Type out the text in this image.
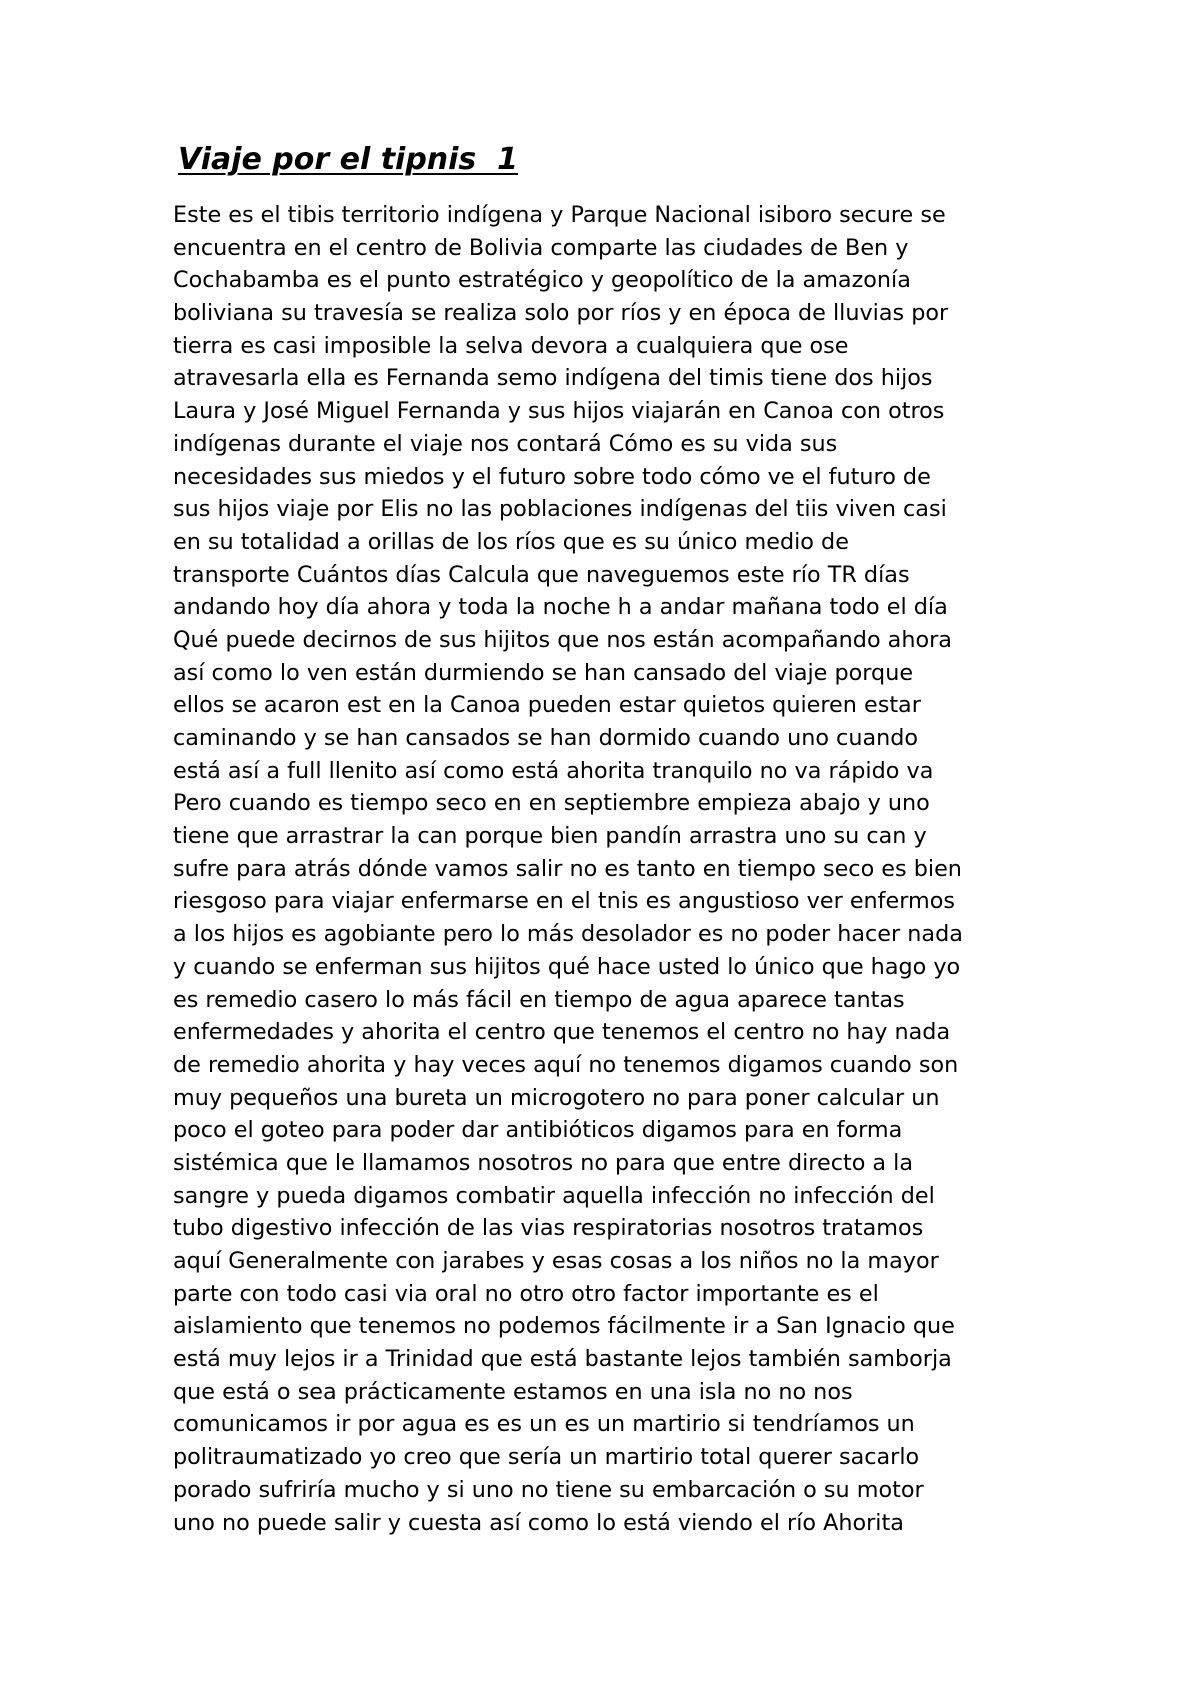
Viaje por el tipnis  1
Este es el tibis territorio indígena y Parque Nacional isiboro secure se
encuentra en el centro de Bolivia comparte las ciudades de Ben y
Cochabamba es el punto estratégico y geopolítico de la amazonía
boliviana su travesía se realiza solo por ríos y en época de lluvias por
tierra es casi imposible la selva devora a cualquiera que ose
atravesarla ella es Fernanda semo indígena del timis tiene dos hijos
Laura y José Miguel Fernanda y sus hijos viajarán en Canoa con otros
indígenas durante el viaje nos contará Cómo es su vida sus
necesidades sus miedos y el futuro sobre todo cómo ve el futuro de
sus hijos viaje por Elis no las poblaciones indígenas del tiis viven casi
en su totalidad a orillas de los ríos que es su único medio de
transporte Cuántos días Calcula que naveguemos este río TR días
andando hoy día ahora y toda la noche h a andar mañana todo el día
Qué puede decirnos de sus hijitos que nos están acompañando ahora
así como lo ven están durmiendo se han cansado del viaje porque
ellos se acaron est en la Canoa pueden estar quietos quieren estar
caminando y se han cansados se han dormido cuando uno cuando
está así a full llenito así como está ahorita tranquilo no va rápido va
Pero cuando es tiempo seco en en septiembre empieza abajo y uno
tiene que arrastrar la can porque bien pandín arrastra uno su can y
sufre para atrás dónde vamos salir no es tanto en tiempo seco es bien
riesgoso para viajar enfermarse en el tnis es angustioso ver enfermos
a los hijos es agobiante pero lo más desolador es no poder hacer nada
y cuando se enferman sus hijitos qué hace usted lo único que hago yo
es remedio casero lo más fácil en tiempo de agua aparece tantas
enfermedades y ahorita el centro que tenemos el centro no hay nada
de remedio ahorita y hay veces aquí no tenemos digamos cuando son
muy pequeños una bureta un microgotero no para poner calcular un
poco el goteo para poder dar antibióticos digamos para en forma
sistémica que le llamamos nosotros no para que entre directo a la
sangre y pueda digamos combatir aquella infección no infección del
tubo digestivo infección de las vias respiratorias nosotros tratamos
aquí Generalmente con jarabes y esas cosas a los niños no la mayor
parte con todo casi via oral no otro otro factor importante es el
aislamiento que tenemos no podemos fácilmente ir a San Ignacio que
está muy lejos ir a Trinidad que está bastante lejos también samborja
que está o sea prácticamente estamos en una isla no no nos
comunicamos ir por agua es es un es un martirio si tendríamos un
politraumatizado yo creo que sería un martirio total querer sacarlo
porado sufriría mucho y si uno no tiene su embarcación o su motor
uno no puede salir y cuesta así como lo está viendo el río Ahorita
